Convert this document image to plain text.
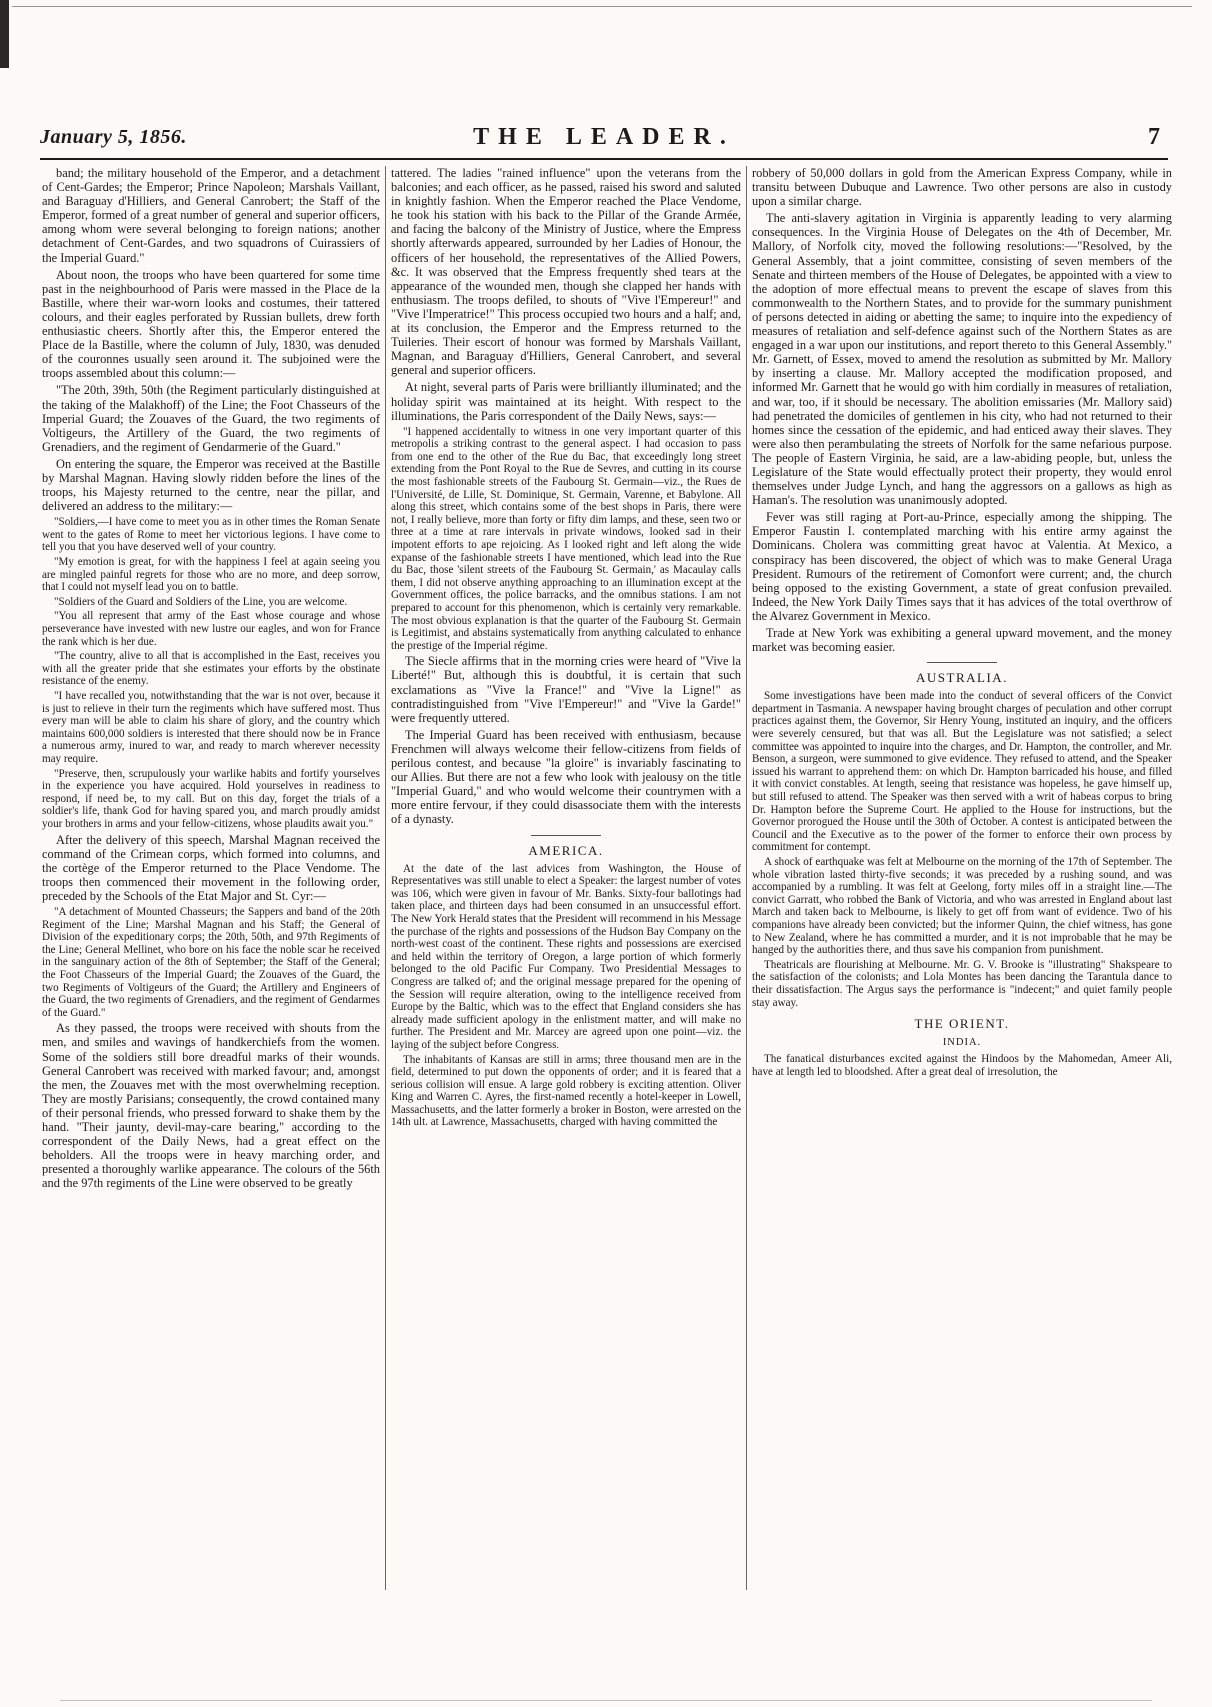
January 5, 1856.	THE LEADER.	7
band; the military household of the Emperor, and a detachment of Cent-Gardes; the Emperor; Prince Napoleon; Marshals Vaillant, and Baraguay d'Hilliers, and General Canrobert; the Staff of the Emperor, formed of a great number of general and superior officers, among whom were several belonging to foreign nations; another detachment of Cent-Gardes, and two squadrons of Cuirassiers of the Imperial Guard."
About noon, the troops who have been quartered for some time past in the neighbourhood of Paris were massed in the Place de la Bastille, where their war-worn looks and costumes, their tattered colours, and their eagles perforated by Russian bullets, drew forth enthusiastic cheers. Shortly after this, the Emperor entered the Place de la Bastille, where the column of July, 1830, was denuded of the couronnes usually seen around it. The subjoined were the troops assembled about this column:—
"The 20th, 39th, 50th (the Regiment particularly distinguished at the taking of the Malakhoff) of the Line; the Foot Chasseurs of the Imperial Guard; the Zouaves of the Guard, the two regiments of Voltigeurs, the Artillery of the Guard, the two regiments of Grenadiers, and the regiment of Gendarmerie of the Guard."
On entering the square, the Emperor was received at the Bastille by Marshal Magnan. Having slowly ridden before the lines of the troops, his Majesty returned to the centre, near the pillar, and delivered an address to the military:—
"Soldiers,—I have come to meet you as in other times the Roman Senate went to the gates of Rome to meet her victorious legions. I have come to tell you that you have deserved well of your country.
"My emotion is great, for with the happiness I feel at again seeing you are mingled painful regrets for those who are no more, and deep sorrow, that I could not myself lead you on to battle.
"Soldiers of the Guard and Soldiers of the Line, you are welcome.
"You all represent that army of the East whose courage and whose perseverance have invested with new lustre our eagles, and won for France the rank which is her due.
"The country, alive to all that is accomplished in the East, receives you with all the greater pride that she estimates your efforts by the obstinate resistance of the enemy.
"I have recalled you, notwithstanding that the war is not over, because it is just to relieve in their turn the regiments which have suffered most. Thus every man will be able to claim his share of glory, and the country which maintains 600,000 soldiers is interested that there should now be in France a numerous army, inured to war, and ready to march wherever necessity may require.
"Preserve, then, scrupulously your warlike habits and fortify yourselves in the experience you have acquired. Hold yourselves in readiness to respond, if need be, to my call. But on this day, forget the trials of a soldier's life, thank God for having spared you, and march proudly amidst your brothers in arms and your fellow-citizens, whose plaudits await you."
After the delivery of this speech, Marshal Magnan received the command of the Crimean corps, which formed into columns, and the cortège of the Emperor returned to the Place Vendome. The troops then commenced their movement in the following order, preceded by the Schools of the Etat Major and St. Cyr:—
"A detachment of Mounted Chasseurs; the Sappers and band of the 20th Regiment of the Line; Marshal Magnan and his Staff; the General of Division of the expeditionary corps; the 20th, 50th, and 97th Regiments of the Line; General Mellinet, who bore on his face the noble scar he received in the sanguinary action of the 8th of September; the Staff of the General; the Foot Chasseurs of the Imperial Guard; the Zouaves of the Guard, the two Regiments of Voltigeurs of the Guard; the Artillery and Engineers of the Guard, the two regiments of Grenadiers, and the regiment of Gendarmes of the Guard."
As they passed, the troops were received with shouts from the men, and smiles and wavings of handkerchiefs from the women. Some of the soldiers still bore dreadful marks of their wounds. General Canrobert was received with marked favour; and, amongst the men, the Zouaves met with the most overwhelming reception. They are mostly Parisians; consequently, the crowd contained many of their personal friends, who pressed forward to shake them by the hand. "Their jaunty, devil-may-care bearing," according to the correspondent of the Daily News, had a great effect on the beholders. All the troops were in heavy marching order, and presented a thoroughly warlike appearance. The colours of the 56th and the 97th regiments of the Line were observed to be greatly
tattered. The ladies "rained influence" upon the veterans from the balconies; and each officer, as he passed, raised his sword and saluted in knightly fashion. When the Emperor reached the Place Vendome, he took his station with his back to the Pillar of the Grande Armée, and facing the balcony of the Ministry of Justice, where the Empress shortly afterwards appeared, surrounded by her Ladies of Honour, the officers of her household, the representatives of the Allied Powers, &c. It was observed that the Empress frequently shed tears at the appearance of the wounded men, though she clapped her hands with enthusiasm. The troops defiled, to shouts of "Vive l'Empereur!" and "Vive l'Imperatrice!" This process occupied two hours and a half; and, at its conclusion, the Emperor and the Empress returned to the Tuileries. Their escort of honour was formed by Marshals Vaillant, Magnan, and Baraguay d'Hilliers, General Canrobert, and several general and superior officers.
At night, several parts of Paris were brilliantly illuminated; and the holiday spirit was maintained at its height. With respect to the illuminations, the Paris correspondent of the Daily News, says:—
"I happened accidentally to witness in one very important quarter of this metropolis a striking contrast to the general aspect. I had occasion to pass from one end to the other of the Rue du Bac, that exceedingly long street extending from the Pont Royal to the Rue de Sevres, and cutting in its course the most fashionable streets of the Faubourg St. Germain—viz., the Rues de l'Université, de Lille, St. Dominique, St. Germain, Varenne, et Babylone. All along this street, which contains some of the best shops in Paris, there were not, I really believe, more than forty or fifty dim lamps, and these, seen two or three at a time at rare intervals in private windows, looked sad in their impotent efforts to ape rejoicing. As I looked right and left along the wide expanse of the fashionable streets I have mentioned, which lead into the Rue du Bac, those 'silent streets of the Faubourg St. Germain,' as Macaulay calls them, I did not observe anything approaching to an illumination except at the Government offices, the police barracks, and the omnibus stations. I am not prepared to account for this phenomenon, which is certainly very remarkable. The most obvious explanation is that the quarter of the Faubourg St. Germain is Legitimist, and abstains systematically from anything calculated to enhance the prestige of the Imperial régime.
The Siecle affirms that in the morning cries were heard of "Vive la Liberté!" But, although this is doubtful, it is certain that such exclamations as "Vive la France!" and "Vive la Ligne!" as contradistinguished from "Vive l'Empereur!" and "Vive la Garde!" were frequently uttered.
The Imperial Guard has been received with enthusiasm, because Frenchmen will always welcome their fellow-citizens from fields of perilous contest, and because "la gloire" is invariably fascinating to our Allies. But there are not a few who look with jealousy on the title "Imperial Guard," and who would welcome their countrymen with a more entire fervour, if they could disassociate them with the interests of a dynasty.
AMERICA.
At the date of the last advices from Washington, the House of Representatives was still unable to elect a Speaker: the largest number of votes was 106, which were given in favour of Mr. Banks. Sixty-four ballotings had taken place, and thirteen days had been consumed in an unsuccessful effort. The New York Herald states that the President will recommend in his Message the purchase of the rights and possessions of the Hudson Bay Company on the north-west coast of the continent. These rights and possessions are exercised and held within the territory of Oregon, a large portion of which formerly belonged to the old Pacific Fur Company. Two Presidential Messages to Congress are talked of; and the original message prepared for the opening of the Session will require alteration, owing to the intelligence received from Europe by the Baltic, which was to the effect that England considers she has already made sufficient apology in the enlistment matter, and will make no further. The President and Mr. Marcey are agreed upon one point—viz. the laying of the subject before Congress.
The inhabitants of Kansas are still in arms; three thousand men are in the field, determined to put down the opponents of order; and it is feared that a serious collision will ensue. A large gold robbery is exciting attention. Oliver King and Warren C. Ayres, the first-named recently a hotel-keeper in Lowell, Massachusetts, and the latter formerly a broker in Boston, were arrested on the 14th ult. at Lawrence, Massachusetts, charged with having committed the
robbery of 50,000 dollars in gold from the American Express Company, while in transitu between Dubuque and Lawrence. Two other persons are also in custody upon a similar charge.
The anti-slavery agitation in Virginia is apparently leading to very alarming consequences. In the Virginia House of Delegates on the 4th of December, Mr. Mallory, of Norfolk city, moved the following resolutions:—"Resolved, by the General Assembly, that a joint committee, consisting of seven members of the Senate and thirteen members of the House of Delegates, be appointed with a view to the adoption of more effectual means to prevent the escape of slaves from this commonwealth to the Northern States, and to provide for the summary punishment of persons detected in aiding or abetting the same; to inquire into the expediency of measures of retaliation and self-defence against such of the Northern States as are engaged in a war upon our institutions, and report thereto to this General Assembly." Mr. Garnett, of Essex, moved to amend the resolution as submitted by Mr. Mallory by inserting a clause. Mr. Mallory accepted the modification proposed, and informed Mr. Garnett that he would go with him cordially in measures of retaliation, and war, too, if it should be necessary. The abolition emissaries (Mr. Mallory said) had penetrated the domiciles of gentlemen in his city, who had not returned to their homes since the cessation of the epidemic, and had enticed away their slaves. They were also then perambulating the streets of Norfolk for the same nefarious purpose. The people of Eastern Virginia, he said, are a law-abiding people, but, unless the Legislature of the State would effectually protect their property, they would enrol themselves under Judge Lynch, and hang the aggressors on a gallows as high as Haman's. The resolution was unanimously adopted.
Fever was still raging at Port-au-Prince, especially among the shipping. The Emperor Faustin I. contemplated marching with his entire army against the Dominicans. Cholera was committing great havoc at Valentia. At Mexico, a conspiracy has been discovered, the object of which was to make General Uraga President. Rumours of the retirement of Comonfort were current; and, the church being opposed to the existing Government, a state of great confusion prevailed. Indeed, the New York Daily Times says that it has advices of the total overthrow of the Alvarez Government in Mexico.
Trade at New York was exhibiting a general upward movement, and the money market was becoming easier.
AUSTRALIA.
Some investigations have been made into the conduct of several officers of the Convict department in Tasmania. A newspaper having brought charges of peculation and other corrupt practices against them, the Governor, Sir Henry Young, instituted an inquiry, and the officers were severely censured, but that was all. But the Legislature was not satisfied; a select committee was appointed to inquire into the charges, and Dr. Hampton, the controller, and Mr. Benson, a surgeon, were summoned to give evidence. They refused to attend, and the Speaker issued his warrant to apprehend them: on which Dr. Hampton barricaded his house, and filled it with convict constables. At length, seeing that resistance was hopeless, he gave himself up, but still refused to attend. The Speaker was then served with a writ of habeas corpus to bring Dr. Hampton before the Supreme Court. He applied to the House for instructions, but the Governor prorogued the House until the 30th of October. A contest is anticipated between the Council and the Executive as to the power of the former to enforce their own process by commitment for contempt.
A shock of earthquake was felt at Melbourne on the morning of the 17th of September. The whole vibration lasted thirty-five seconds; it was preceded by a rushing sound, and was accompanied by a rumbling. It was felt at Geelong, forty miles off in a straight line.—The convict Garratt, who robbed the Bank of Victoria, and who was arrested in England about last March and taken back to Melbourne, is likely to get off from want of evidence. Two of his companions have already been convicted; but the informer Quinn, the chief witness, has gone to New Zealand, where he has committed a murder, and it is not improbable that he may be hanged by the authorities there, and thus save his companion from punishment.
Theatricals are flourishing at Melbourne. Mr. G. V. Brooke is "illustrating" Shakspeare to the satisfaction of the colonists; and Lola Montes has been dancing the Tarantula dance to their dissatisfaction. The Argus says the performance is "indecent;" and quiet family people stay away.
THE ORIENT.
INDIA.
The fanatical disturbances excited against the Hindoos by the Mahomedan, Ameer Ali, have at length led to bloodshed. After a great deal of irresolution, the
